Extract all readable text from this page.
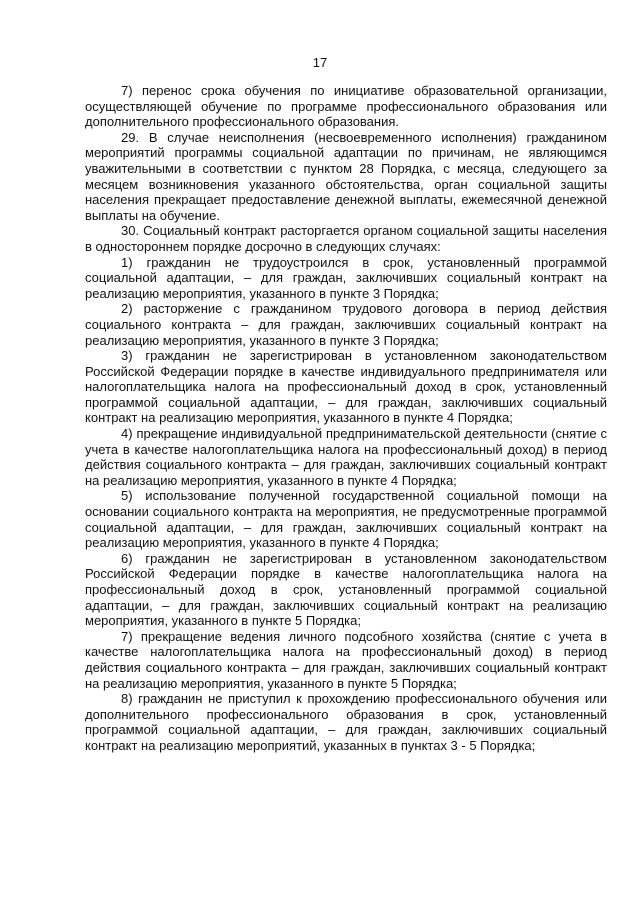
17

7) перенос срока обучения по инициативе образовательной организации, осуществляющей обучение по программе профессионального образования или дополнительного профессионального образования.

29. В случае неисполнения (несвоевременного исполнения) гражданином мероприятий программы социальной адаптации по причинам, не являющимся уважительными в соответствии с пунктом 28 Порядка, с месяца, следующего за месяцем возникновения указанного обстоятельства, орган социальной защиты населения прекращает предоставление денежной выплаты, ежемесячной денежной выплаты на обучение.

30. Социальный контракт расторгается органом социальной защиты населения в одностороннем порядке досрочно в следующих случаях:

1) гражданин не трудоустроился в срок, установленный программой социальной адаптации, – для граждан, заключивших социальный контракт на реализацию мероприятия, указанного в пункте 3 Порядка;

2) расторжение с гражданином трудового договора в период действия социального контракта – для граждан, заключивших социальный контракт на реализацию мероприятия, указанного в пункте 3 Порядка;

3) гражданин не зарегистрирован в установленном законодательством Российской Федерации порядке в качестве индивидуального предпринимателя или налогоплательщика налога на профессиональный доход в срок, установленный программой социальной адаптации, – для граждан, заключивших социальный контракт на реализацию мероприятия, указанного в пункте 4 Порядка;

4) прекращение индивидуальной предпринимательской деятельности (снятие с учета в качестве налогоплательщика налога на профессиональный доход) в период действия социального контракта – для граждан, заключивших социальный контракт на реализацию мероприятия, указанного в пункте 4 Порядка;

5) использование полученной государственной социальной помощи на основании социального контракта на мероприятия, не предусмотренные программой социальной адаптации, – для граждан, заключивших социальный контракт на реализацию мероприятия, указанного в пункте 4 Порядка;

6) гражданин не зарегистрирован в установленном законодательством Российской Федерации порядке в качестве налогоплательщика налога на профессиональный доход в срок, установленный программой социальной адаптации, – для граждан, заключивших социальный контракт на реализацию мероприятия, указанного в пункте 5 Порядка;

7) прекращение ведения личного подсобного хозяйства (снятие с учета в качестве налогоплательщика налога на профессиональный доход) в период действия социального контракта – для граждан, заключивших социальный контракт на реализацию мероприятия, указанного в пункте 5 Порядка;

8) гражданин не приступил к прохождению профессионального обучения или дополнительного профессионального образования в срок, установленный программой социальной адаптации, – для граждан, заключивших социальный контракт на реализацию мероприятий, указанных в пунктах 3 - 5 Порядка;
